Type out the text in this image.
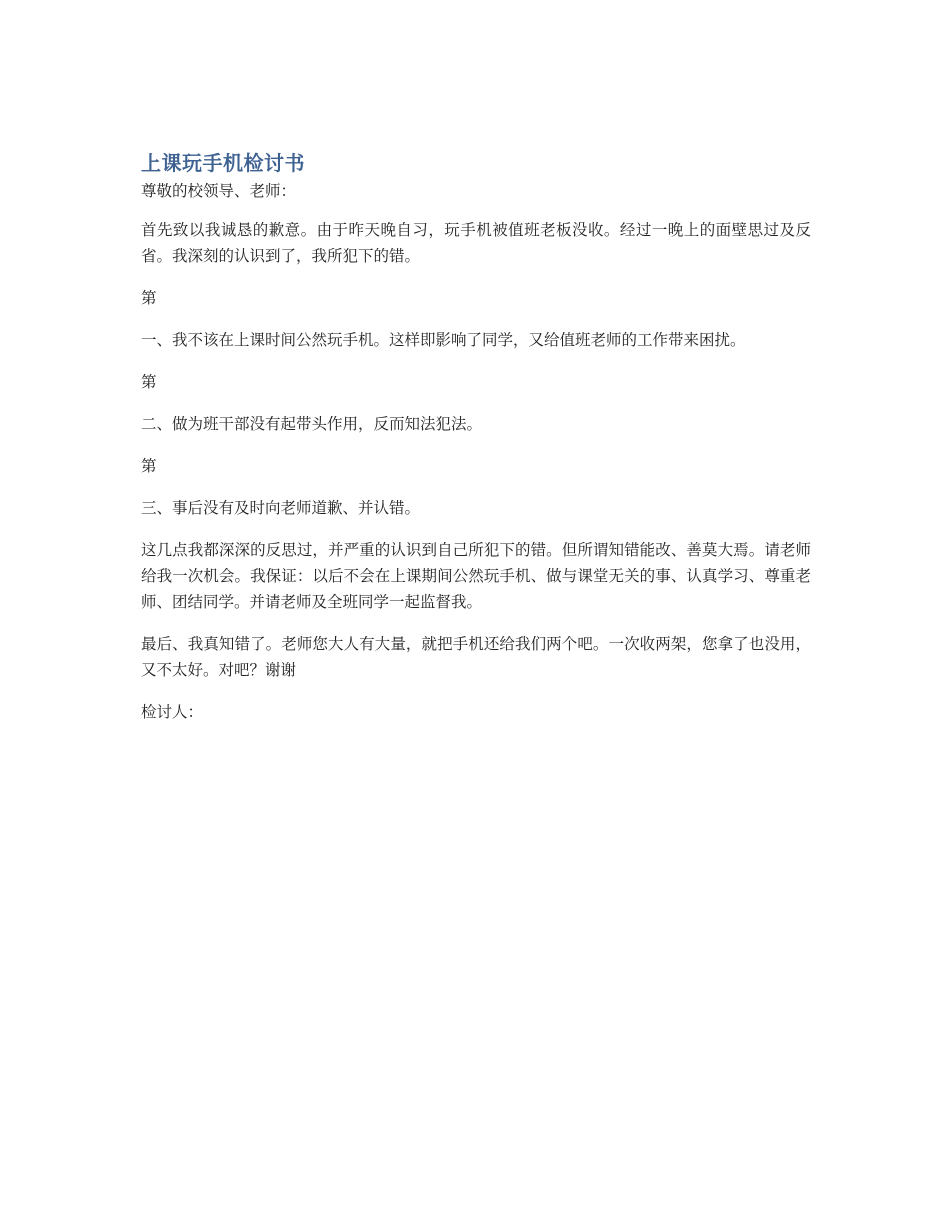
上课玩手机检讨书

尊敬的校领导、老师：

首先致以我诚恳的歉意。由于昨天晚自习，玩手机被值班老板没收。经过一晚上的面壁思过及反省。我深刻的认识到了，我所犯下的错。

第

一、我不该在上课时间公然玩手机。这样即影响了同学，又给值班老师的工作带来困扰。

第

二、做为班干部没有起带头作用，反而知法犯法。

第

三、事后没有及时向老师道歉、并认错。

这几点我都深深的反思过，并严重的认识到自己所犯下的错。但所谓知错能改、善莫大焉。请老师给我一次机会。我保证：以后不会在上课期间公然玩手机、做与课堂无关的事、认真学习、尊重老师、团结同学。并请老师及全班同学一起监督我。

最后、我真知错了。老师您大人有大量，就把手机还给我们两个吧。一次收两架，您拿了也没用，又不太好。对吧？谢谢

检讨人：
